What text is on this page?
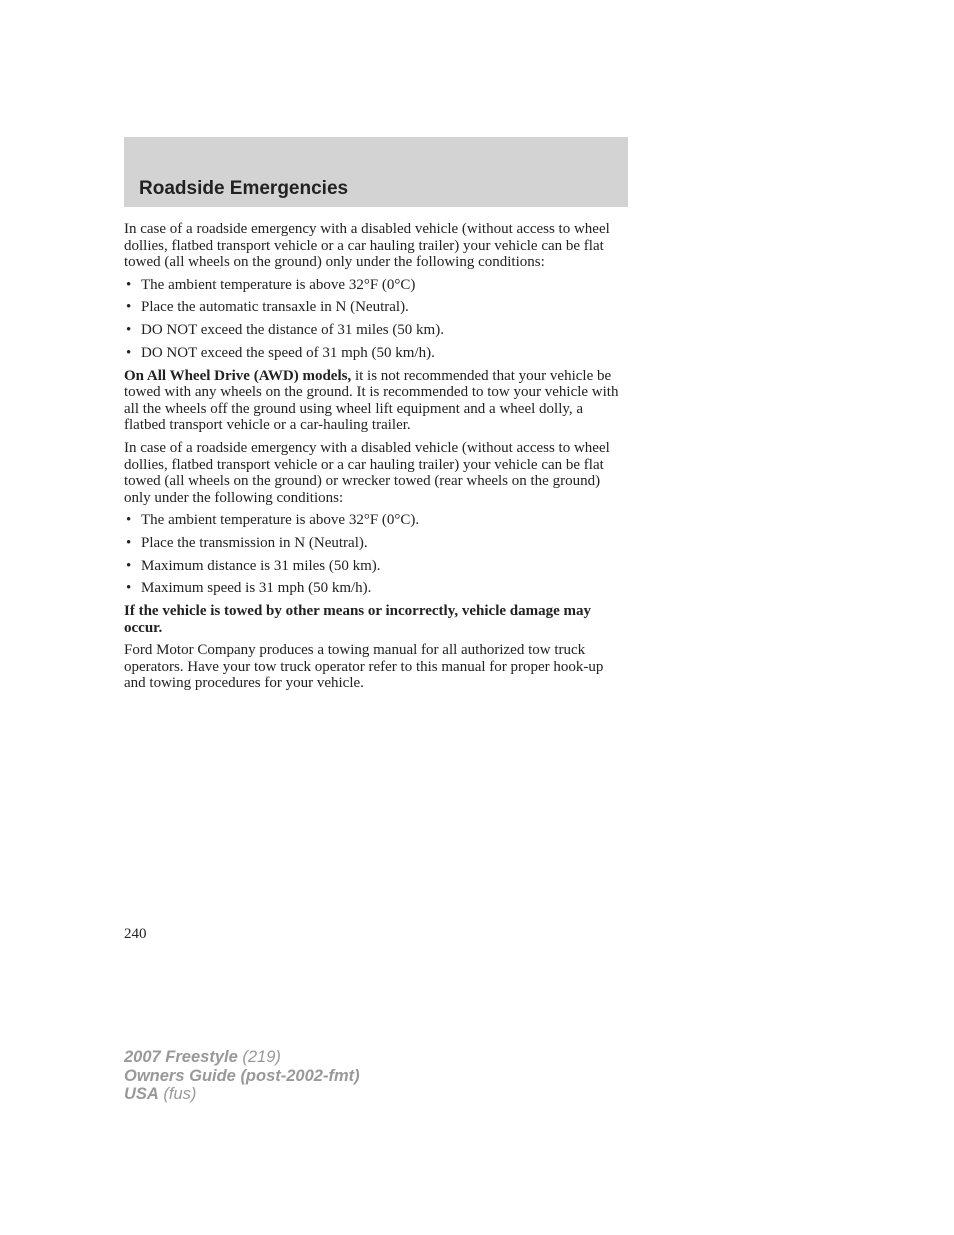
Roadside Emergencies

In case of a roadside emergency with a disabled vehicle (without access to wheel dollies, flatbed transport vehicle or a car hauling trailer) your vehicle can be flat towed (all wheels on the ground) only under the following conditions:

• The ambient temperature is above 32°F (0°C)
• Place the automatic transaxle in N (Neutral).
• DO NOT exceed the distance of 31 miles (50 km).
• DO NOT exceed the speed of 31 mph (50 km/h).

On All Wheel Drive (AWD) models, it is not recommended that your vehicle be towed with any wheels on the ground. It is recommended to tow your vehicle with all the wheels off the ground using wheel lift equipment and a wheel dolly, a flatbed transport vehicle or a car-hauling trailer.

In case of a roadside emergency with a disabled vehicle (without access to wheel dollies, flatbed transport vehicle or a car hauling trailer) your vehicle can be flat towed (all wheels on the ground) or wrecker towed (rear wheels on the ground) only under the following conditions:

• The ambient temperature is above 32°F (0°C).
• Place the transmission in N (Neutral).
• Maximum distance is 31 miles (50 km).
• Maximum speed is 31 mph (50 km/h).

If the vehicle is towed by other means or incorrectly, vehicle damage may occur.

Ford Motor Company produces a towing manual for all authorized tow truck operators. Have your tow truck operator refer to this manual for proper hook-up and towing procedures for your vehicle.

240
2007 Freestyle (219)
Owners Guide (post-2002-fmt)
USA (fus)
